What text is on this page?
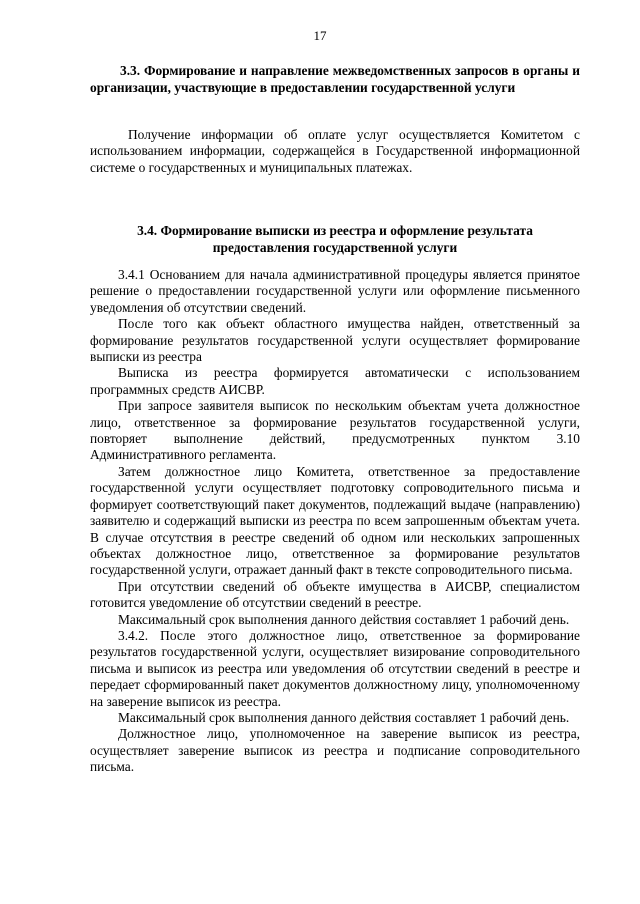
17
3.3. Формирование и направление межведомственных запросов в органы и организации, участвующие в предоставлении государственной услуги

Получение информации об оплате услуг осуществляется Комитетом с использованием информации, содержащейся в Государственной информационной системе о государственных и муниципальных платежах.

3.4. Формирование выписки из реестра и оформление результата
предоставления государственной услуги

3.4.1 Основанием для начала административной процедуры является принятое решение о предоставлении государственной услуги или оформление письменного уведомления об отсутствии сведений.

После того как объект областного имущества найден, ответственный за формирование результатов государственной услуги осуществляет формирование выписки из реестра

Выписка из реестра формируется автоматически с использованием программных средств АИСВР.

При запросе заявителя выписок по нескольким объектам учета должностное лицо, ответственное за формирование результатов государственной услуги, повторяет выполнение действий, предусмотренных пунктом 3.10 Административного регламента.

Затем должностное лицо Комитета, ответственное за предоставление государственной услуги осуществляет подготовку сопроводительного письма и формирует соответствующий пакет документов, подлежащий выдаче (направлению) заявителю и содержащий выписки из реестра по всем запрошенным объектам учета. В случае отсутствия в реестре сведений об одном или нескольких запрошенных объектах должностное лицо, ответственное за формирование результатов государственной услуги, отражает данный факт в тексте сопроводительного письма.

При отсутствии сведений об объекте имущества в АИСВР, специалистом готовится уведомление об отсутствии сведений в реестре.

Максимальный срок выполнения данного действия составляет 1 рабочий день.

3.4.2. После этого должностное лицо, ответственное за формирование результатов государственной услуги, осуществляет визирование сопроводительного письма и выписок из реестра или уведомления об отсутствии сведений в реестре и передает сформированный пакет документов должностному лицу, уполномоченному на заверение выписок из реестра.

Максимальный срок выполнения данного действия составляет 1 рабочий день.

Должностное лицо, уполномоченное на заверение выписок из реестра, осуществляет заверение выписок из реестра и подписание сопроводительного письма.
